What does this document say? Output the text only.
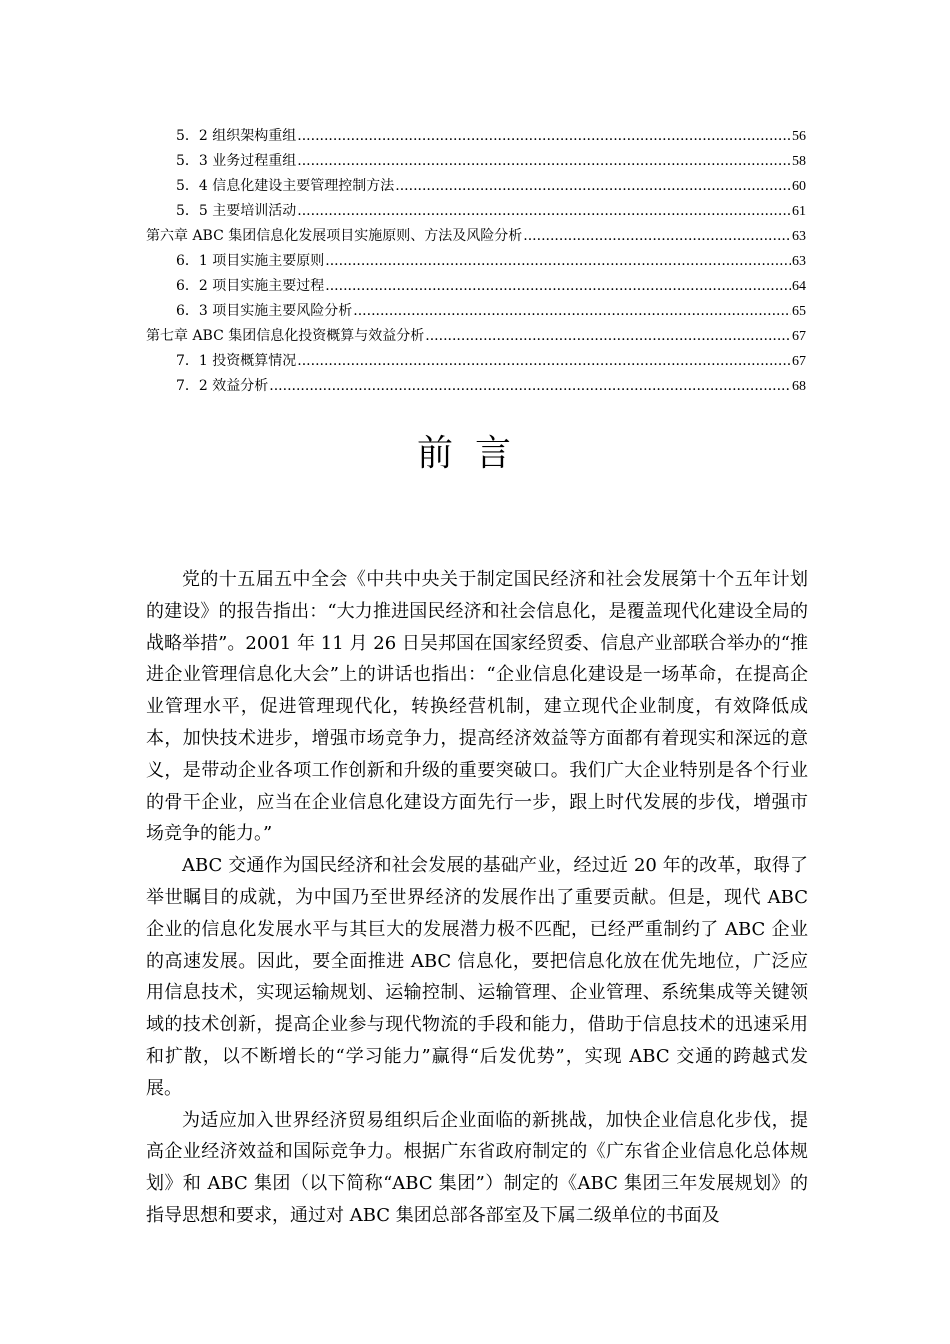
5．2 组织架构重组 .....	56
5．3 业务过程重组 .....	58
5．4 信息化建设主要管理控制方法 .....	60
5．5 主要培训活动 .....	61
第六章 ABC 集团信息化发展项目实施原则、方法及风险分析 .....	63
6．1 项目实施主要原则 .....	63
6．2 项目实施主要过程 .....	64
6．3 项目实施主要风险分析 .....	65
第七章 ABC 集团信息化投资概算与效益分析 .....	67
7．1 投资概算情况 .....	67
7．2 效益分析 .....	68
前言

党的十五届五中全会《中共中央关于制定国民经济和社会发展第十个五年计划的建设》的报告指出：“大力推进国民经济和社会信息化，是覆盖现代化建设全局的战略举措”。2001 年 11 月 26 日吴邦国在国家经贸委、信息产业部联合举办的“推进企业管理信息化大会”上的讲话也指出：“企业信息化建设是一场革命，在提高企业管理水平，促进管理现代化，转换经营机制，建立现代企业制度，有效降低成本，加快技术进步，增强市场竞争力，提高经济效益等方面都有着现实和深远的意义，是带动企业各项工作创新和升级的重要突破口。我们广大企业特别是各个行业的骨干企业，应当在企业信息化建设方面先行一步，跟上时代发展的步伐，增强市场竞争的能力。”

ABC 交通作为国民经济和社会发展的基础产业，经过近 20 年的改革，取得了举世瞩目的成就，为中国乃至世界经济的发展作出了重要贡献。但是，现代 ABC 企业的信息化发展水平与其巨大的发展潜力极不匹配，已经严重制约了 ABC 企业的高速发展。因此，要全面推进 ABC 信息化，要把信息化放在优先地位，广泛应用信息技术，实现运输规划、运输控制、运输管理、企业管理、系统集成等关键领域的技术创新，提高企业参与现代物流的手段和能力，借助于信息技术的迅速采用和扩散，以不断增长的“学习能力”赢得“后发优势”，实现 ABC 交通的跨越式发展。

为适应加入世界经济贸易组织后企业面临的新挑战，加快企业信息化步伐，提高企业经济效益和国际竞争力。根据广东省政府制定的《广东省企业信息化总体规划》和 ABC 集团（以下简称“ABC 集团”）制定的《ABC 集团三年发展规划》的指导思想和要求，通过对 ABC 集团总部各部室及下属二级单位的书面及
